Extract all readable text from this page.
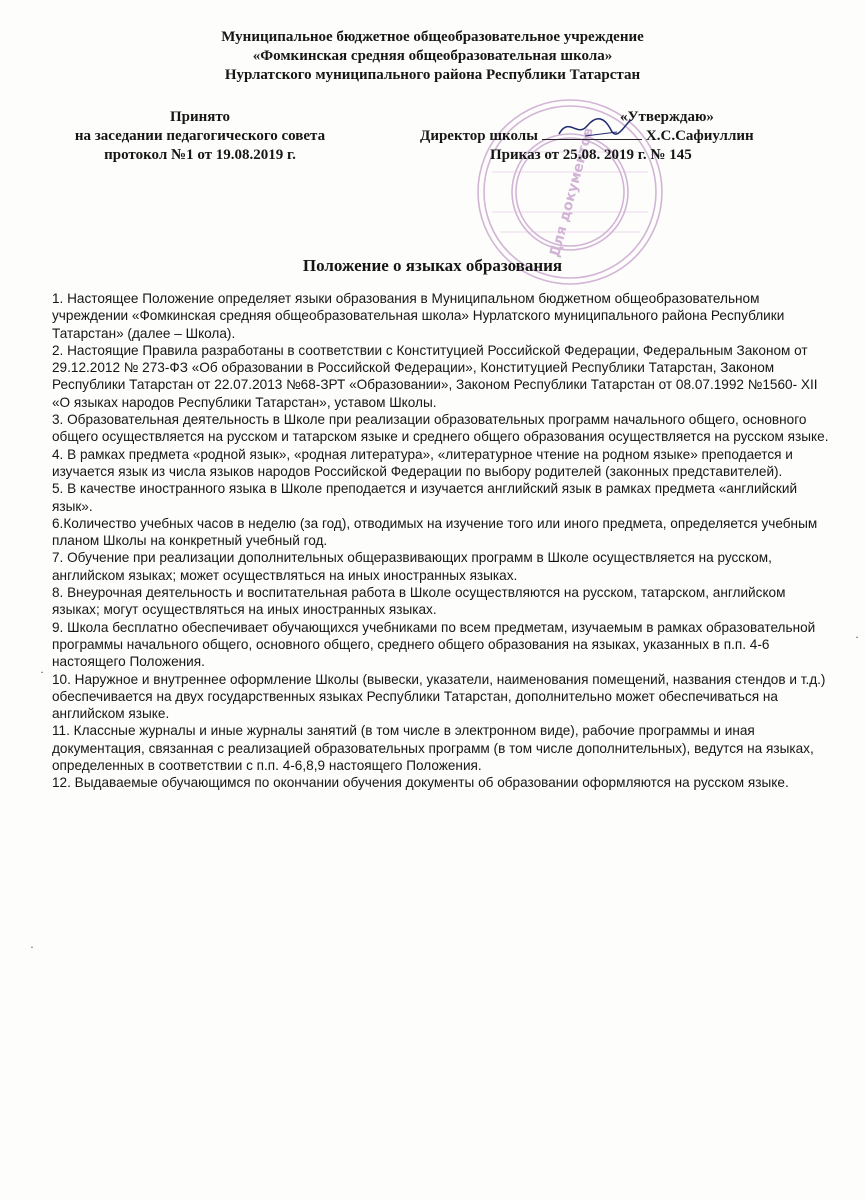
Муниципальное бюджетное общеобразовательное учреждение
«Фомкинская средняя общеобразовательная школа»
Нурлатского муниципального района Республики Татарстан
Принято
на заседании педагогического совета
протокол №1 от 19.08.2019 г.	Для документов
«Утверждаю»
Директор школы	Х.С.Сафиуллин
Приказ от 25.08. 2019 г. № 145
Положение о языках образования

1. Настоящее Положение определяет языки образования в Муниципальном бюджетном общеобразовательном учреждении «Фомкинская средняя общеобразовательная школа» Нурлатского муниципального района Республики Татарстан» (далее – Школа).

2. Настоящие Правила разработаны в соответствии с Конституцией Российской Федерации, Федеральным Законом от 29.12.2012 № 273-ФЗ «Об образовании в Российской Федерации», Конституцией Республики Татарстан, Законом Республики Татарстан от 22.07.2013 №68-ЗРТ «Образовании», Законом Республики Татарстан от 08.07.1992 №1560- XII «О языках народов Республики Татарстан», уставом Школы.

3. Образовательная деятельность в Школе при реализации образовательных программ начального общего, основного общего осуществляется на русском и татарском языке и среднего общего образования осуществляется на русском языке.

4. В рамках предмета «родной язык», «родная литература», «литературное чтение на родном языке» преподается и изучается язык из числа языков народов Российской Федерации по выбору родителей (законных представителей).

5. В качестве иностранного языка в Школе преподается и изучается английский язык в рамках предмета «английский язык».

6.Количество учебных часов в неделю (за год), отводимых на изучение того или иного предмета, определяется учебным планом Школы на конкретный учебный год.

7. Обучение при реализации дополнительных общеразвивающих программ в Школе осуществляется на русском, английском языках; может осуществляться на иных иностранных языках.

8. Внеурочная деятельность и воспитательная работа в Школе осуществляются на русском, татарском, английском языках; могут осуществляться на иных иностранных языках.

9. Школа бесплатно обеспечивает обучающихся учебниками по всем предметам, изучаемым в рамках образовательной программы начального общего, основного общего, среднего общего образования на языках, указанных в п.п. 4-6 настоящего Положения.

10. Наружное и внутреннее оформление Школы (вывески, указатели, наименования помещений, названия стендов и т.д.) обеспечивается на двух государственных языках Республики Татарстан, дополнительно может обеспечиваться на английском языке.

11. Классные журналы и иные журналы занятий (в том числе в электронном виде), рабочие программы и иная документация, связанная с реализацией образовательных программ (в том числе дополнительных), ведутся на языках, определенных в соответствии с п.п. 4-6,8,9 настоящего Положения.

12. Выдаваемые обучающимся по окончании обучения документы об образовании оформляются на русском языке.

·
·
·
